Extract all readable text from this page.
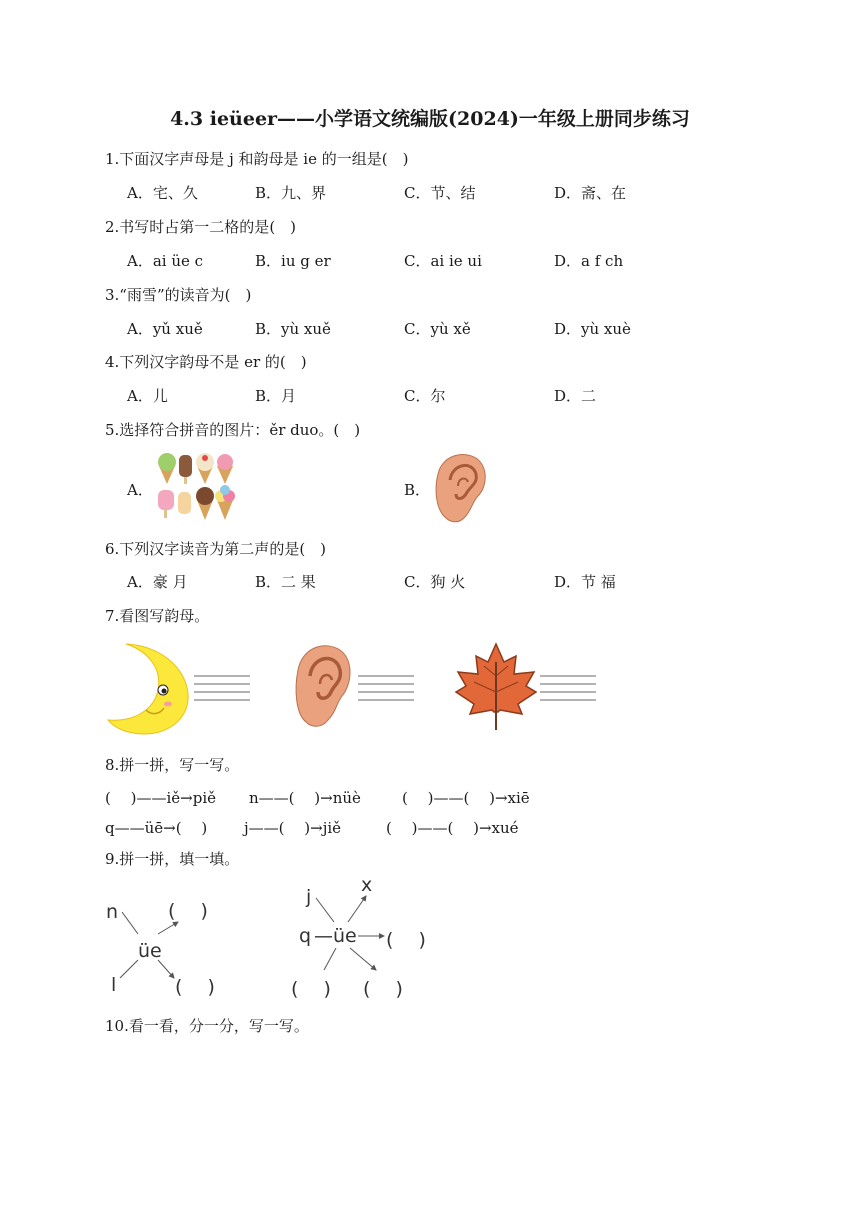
4.3 ieüeer——小学语文统编版(2024)一年级上册同步练习
1.下面汉字声母是 j 和韵母是 ie 的一组是(　)
A．宅、久	B．九、界	C．节、结	D．斋、在
2.书写时占第一二格的是(　)
A．ai üe c	B．iu g er	C．ai ie ui	D．a f ch
3.“雨雪”的读音为(　)
A．yǔ xuě	B．yù xuě	C．yù xě	D．yù xuè
4.下列汉字韵母不是 er 的(　)
A．儿	B．月	C．尔	D．二
5.选择符合拼音的图片：ěr duo。(　)
A．	B．
6.下列汉字读音为第二声的是(　)
A．豪 月	B．二 果	C．狗 火	D．节 福
7.看图写韵母。
8.拼一拼，写一写。
(　 )——iě→piě n——(　 )→nüè	(　 )——(　 )→xiē
q——üē→(　 ) j——(　 )→jiě	(　 )——(　 )→xué
9.拼一拼，填一填。
n	(　 )
üe
l	(　 )
j
x
q —üe (　 )
(　 ) (　 )
10.看一看，分一分，写一写。
